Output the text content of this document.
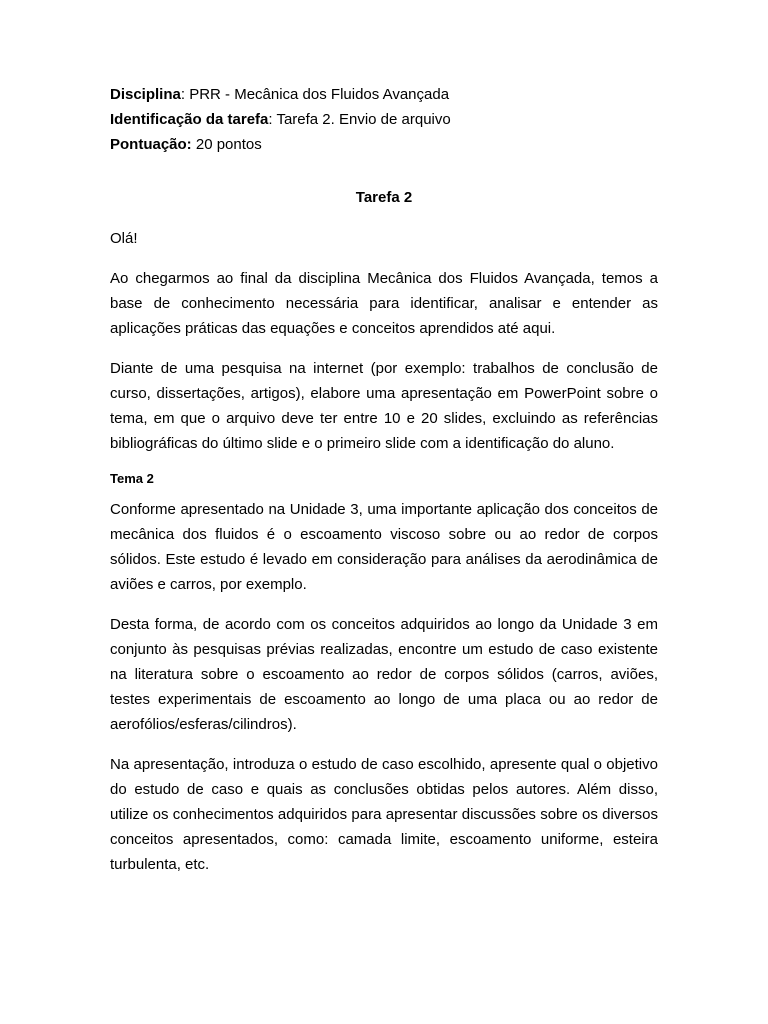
Disciplina: PRR - Mecânica dos Fluidos Avançada

Identificação da tarefa: Tarefa 2. Envio de arquivo

Pontuação: 20 pontos

Tarefa 2

Olá!

Ao chegarmos ao final da disciplina Mecânica dos Fluidos Avançada, temos a base de conhecimento necessária para identificar, analisar e entender as aplicações práticas das equações e conceitos aprendidos até aqui.

Diante de uma pesquisa na internet (por exemplo: trabalhos de conclusão de curso, dissertações, artigos), elabore uma apresentação em PowerPoint sobre o tema, em que o arquivo deve ter entre 10 e 20 slides, excluindo as referências bibliográficas do último slide e o primeiro slide com a identificação do aluno.

Tema 2

Conforme apresentado na Unidade 3, uma importante aplicação dos conceitos de mecânica dos fluidos é o escoamento viscoso sobre ou ao redor de corpos sólidos. Este estudo é levado em consideração para análises da aerodinâmica de aviões e carros, por exemplo.

Desta forma, de acordo com os conceitos adquiridos ao longo da Unidade 3 em conjunto às pesquisas prévias realizadas, encontre um estudo de caso existente na literatura sobre o escoamento ao redor de corpos sólidos (carros, aviões, testes experimentais de escoamento ao longo de uma placa ou ao redor de aerofólios/esferas/cilindros).

Na apresentação, introduza o estudo de caso escolhido, apresente qual o objetivo do estudo de caso e quais as conclusões obtidas pelos autores. Além disso, utilize os conhecimentos adquiridos para apresentar discussões sobre os diversos conceitos apresentados, como: camada limite, escoamento uniforme, esteira turbulenta, etc.
